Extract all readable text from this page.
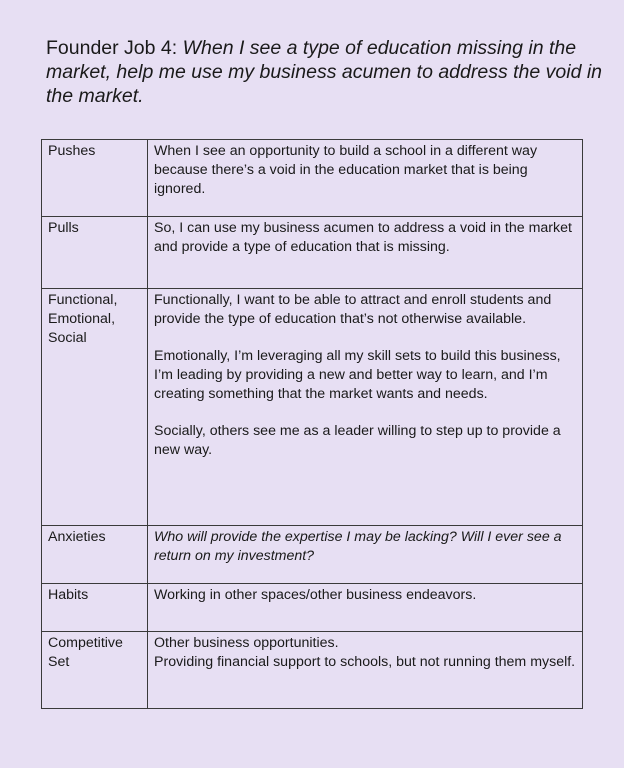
Founder Job 4: When I see a type of education missing in the market, help me use my business acumen to address the void in the market.
Pushes	When I see an opportunity to build a school in a different way because there’s a void in the education market that is being ignored.

Pulls	So, I can use my business acumen to address a void in the market and provide a type of education that is missing.

Functional, Emotional, Social	Functionally, I want to be able to attract and enroll students and provide the type of education that’s not otherwise available.

Emotionally, I’m leveraging all my skill sets to build this business, I’m leading by providing a new and better way to learn, and I’m creating something that the market wants and needs.

Socially, others see me as a leader willing to step up to provide a new way.

Anxieties	Who will provide the expertise I may be lacking? Will I ever see a return on my investment?

Habits	Working in other spaces/other business endeavors.

Competitive Set	Other business opportunities.
Providing financial support to schools, but not running them myself.
